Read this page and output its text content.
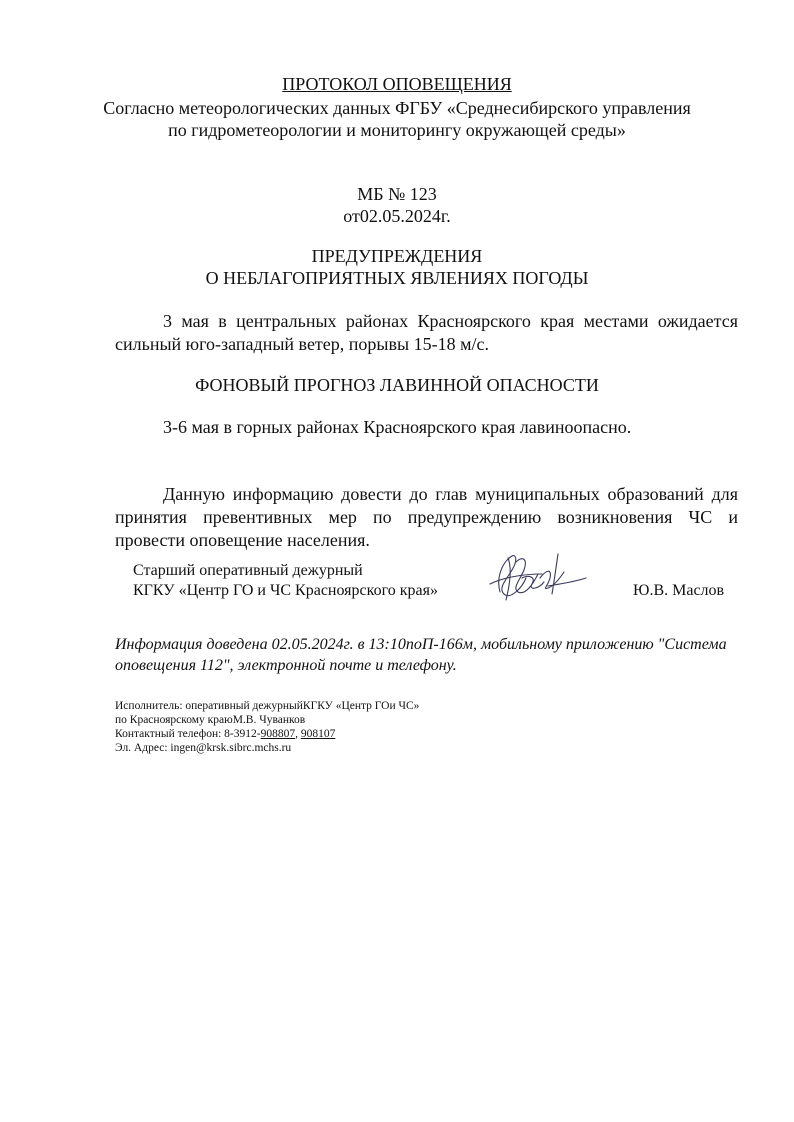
ПРОТОКОЛ ОПОВЕЩЕНИЯ
Согласно метеорологических данных ФГБУ «Среднесибирского управления
по гидрометеорологии и мониторингу окружающей среды»
МБ № 123
от02.05.2024г.
ПРЕДУПРЕЖДЕНИЯ
О НЕБЛАГОПРИЯТНЫХ ЯВЛЕНИЯХ ПОГОДЫ
3 мая в центральных районах Красноярского края местами ожидается
сильный юго-западный ветер, порывы 15-18 м/с.
ФОНОВЫЙ ПРОГНОЗ ЛАВИННОЙ ОПАСНОСТИ
3-6 мая в горных районах Красноярского края лавиноопасно.
Данную информацию довести до глав муниципальных образований для
принятия превентивных мер по предупреждению возникновения ЧС и
провести оповещение населения.
Старший оперативный дежурный
КГКУ «Центр ГО и ЧС Красноярского края»	Ю.В. Маслов
Информация доведена 02.05.2024г. в 13:10поП-166м, мобильному приложению "Система
оповещения 112", электронной почте и телефону.
Исполнитель: оперативный дежурныйКГКУ «Центр ГОи ЧС»
по Красноярскому краюМ.В. Чуванков
Контактный телефон: 8-3912-908807, 908107
Эл. Адрес: ingen@krsk.sibrc.mchs.ru
